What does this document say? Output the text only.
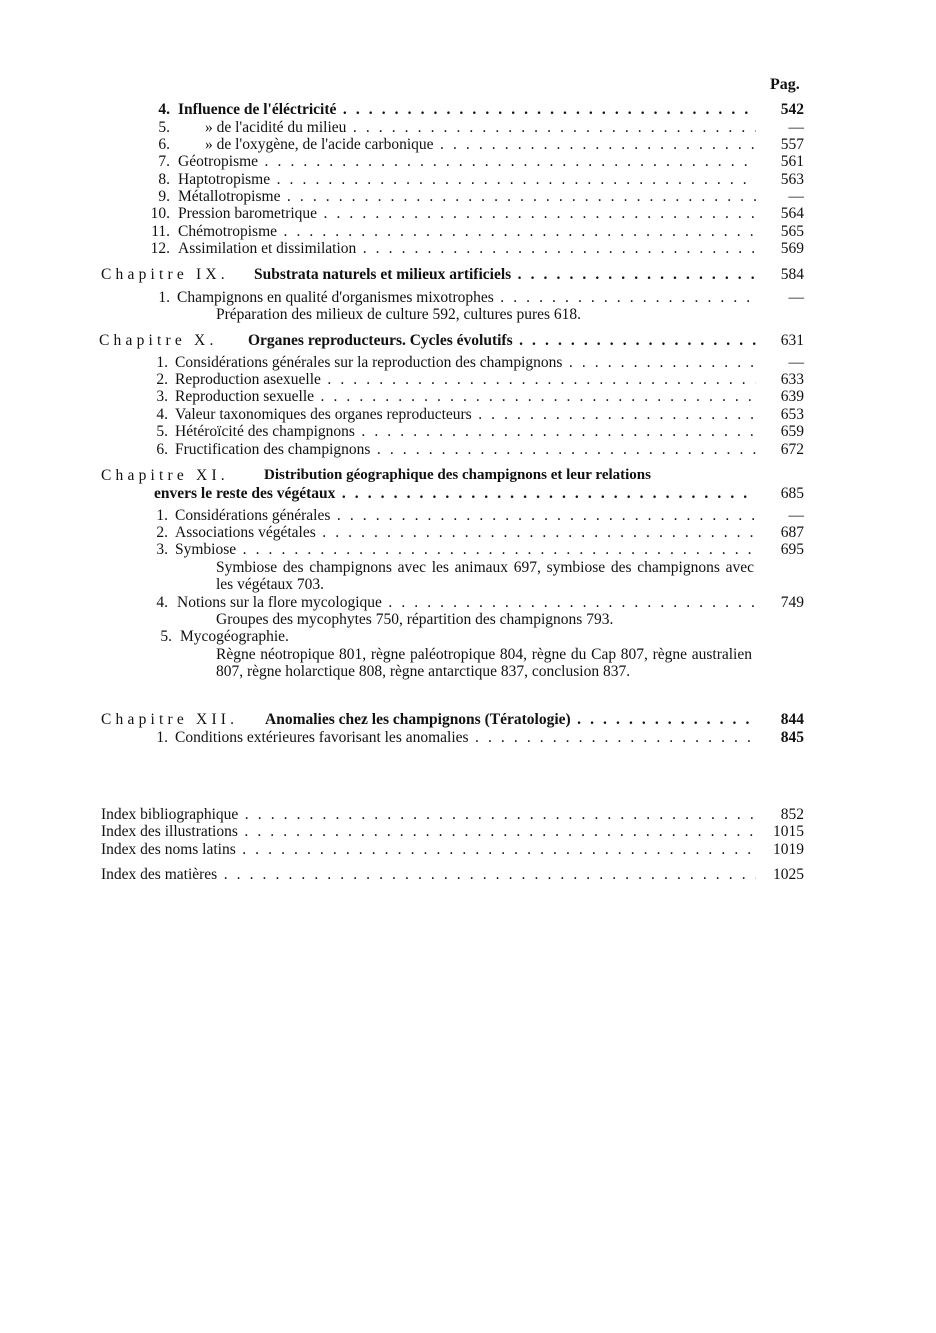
Pag.
4. Influence de l'éléctricité . . .	542
5. » de l'acidité du milieu . . .	—
6. » de l'oxygène, de l'acide carbonique . . .	557
7. Géotropisme . . .	561
8. Haptotropisme . . .	563
9. Métallotropisme . . .	—
10. Pression barometrique . . .	564
11. Chémotropisme . . .	565
12. Assimilation et dissimilation . . .	569
Chapitre IX. Substrata naturels et milieux artificiels . . .	584
1. Champignons en qualité d'organismes mixotrophes . . .	—
Préparation des milieux de culture 592, cultures pures 618.
Chapitre X. Organes reproducteurs. Cycles évolutifs . . .	631
1. Considérations générales sur la reproduction des champignons . . .	—
2. Reproduction asexuelle . . .	633
3. Reproduction sexuelle . . .	639
4. Valeur taxonomiques des organes reproducteurs . . .	653
5. Hétéroïcité des champignons . . .	659
6. Fructification des champignons . . .	672
Chapitre XI. Distribution géographique des champignons et leur relations
envers le reste des végétaux . . .	685
1. Considérations générales . . .	—
2. Associations végétales . . .	687
3. Symbiose . . .	695
Symbiose des champignons avec les animaux 697, symbiose des champignons avec les végétaux 703.
4. Notions sur la flore mycologique . . .	749
Groupes des mycophytes 750, répartition des champignons 793.
5. Mycogéographie.
Règne néotropique 801, règne paléotropique 804, règne du Cap 807, règne australien 807, règne holarctique 808, règne antarctique 837, conclusion 837.
Chapitre XII. Anomalies chez les champignons (Tératologie) . . .	844
1. Conditions extérieures favorisant les anomalies . . .	845
Index bibliographique . . .	852
Index des illustrations . . .	1015
Index des noms latins . . .	1019
Index des matières . . .	1025
